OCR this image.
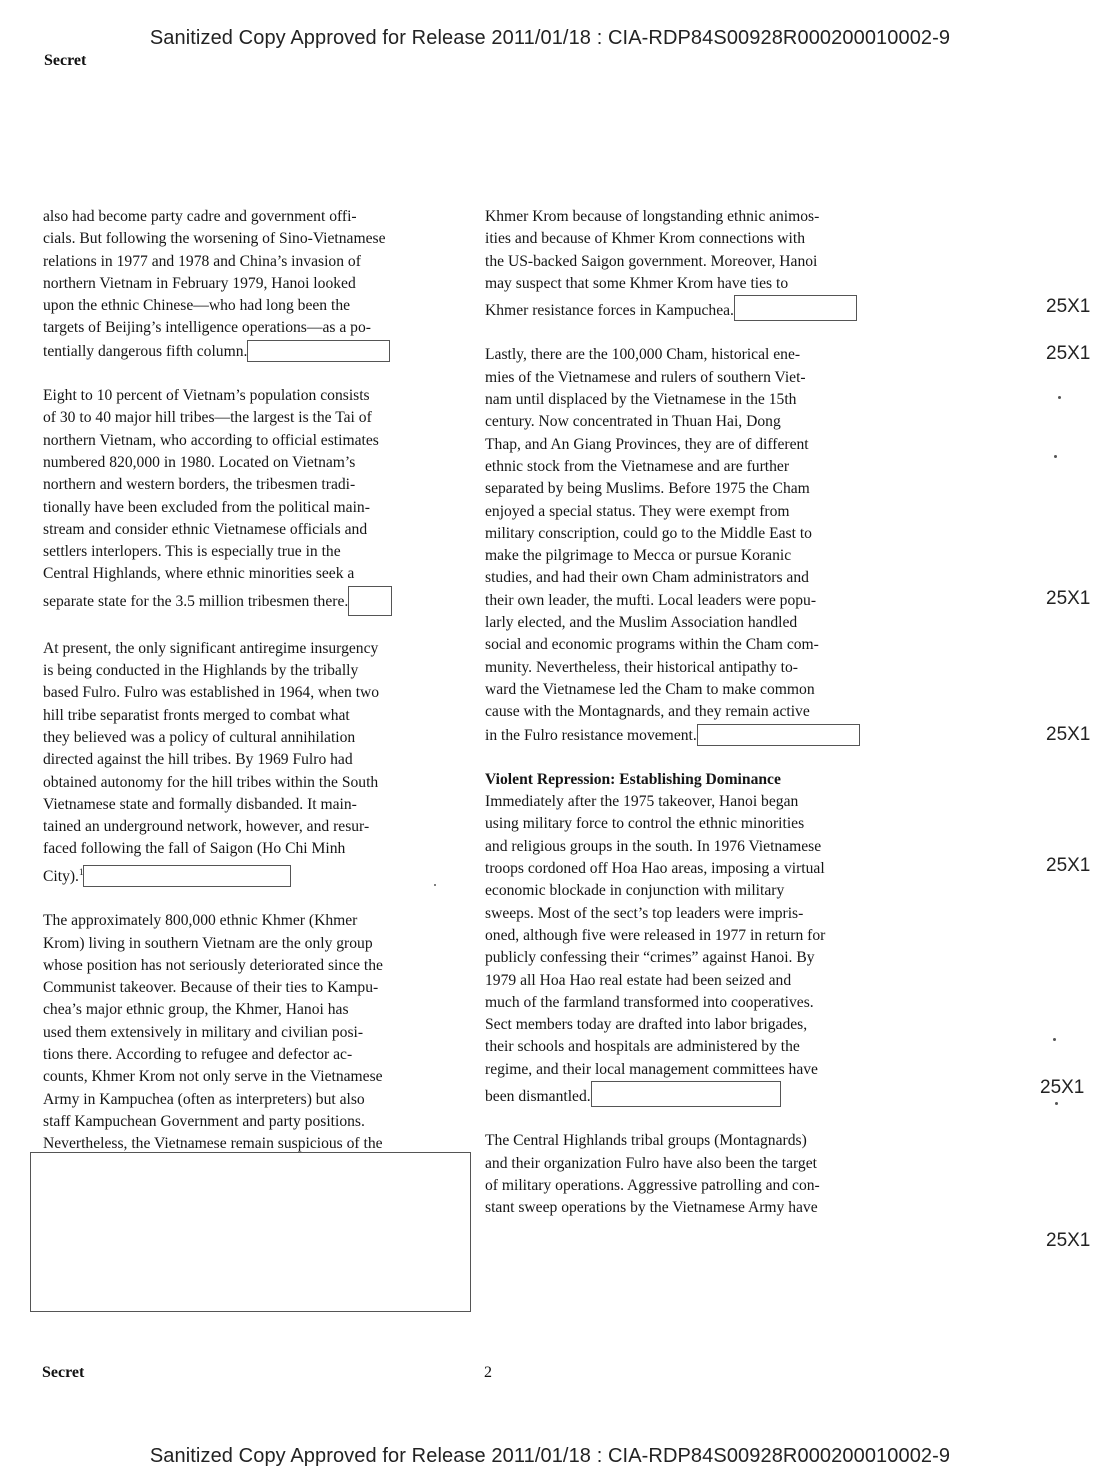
Sanitized Copy Approved for Release 2011/01/18 : CIA-RDP84S00928R000200010002-9
Secret

also had become party cadre and government offi-
cials. But following the worsening of Sino-Vietnamese
relations in 1977 and 1978 and China’s invasion of
northern Vietnam in February 1979, Hanoi looked
upon the ethnic Chinese—who had long been the
targets of Beijing’s intelligence operations—as a po-
tentially dangerous fifth column.

Eight to 10 percent of Vietnam’s population consists
of 30 to 40 major hill tribes—the largest is the Tai of
northern Vietnam, who according to official estimates
numbered 820,000 in 1980. Located on Vietnam’s
northern and western borders, the tribesmen tradi-
tionally have been excluded from the political main-
stream and consider ethnic Vietnamese officials and
settlers interlopers. This is especially true in the
Central Highlands, where ethnic minorities seek a
separate state for the 3.5 million tribesmen there.

At present, the only significant antiregime insurgency
is being conducted in the Highlands by the tribally
based Fulro. Fulro was established in 1964, when two
hill tribe separatist fronts merged to combat what
they believed was a policy of cultural annihilation
directed against the hill tribes. By 1969 Fulro had
obtained autonomy for the hill tribes within the South
Vietnamese state and formally disbanded. It main-
tained an underground network, however, and resur-
faced following the fall of Saigon (Ho Chi Minh
City).$^1$

The approximately 800,000 ethnic Khmer (Khmer
Krom) living in southern Vietnam are the only group
whose position has not seriously deteriorated since the
Communist takeover. Because of their ties to Kampu-
chea’s major ethnic group, the Khmer, Hanoi has
used them extensively in military and civilian posi-
tions there. According to refugee and defector ac-
counts, Khmer Krom not only serve in the Vietnamese
Army in Kampuchea (often as interpreters) but also
staff Kampuchean Government and party positions.
Nevertheless, the Vietnamese remain suspicious of the

Khmer Krom because of longstanding ethnic animos-
ities and because of Khmer Krom connections with
the US-backed Saigon government. Moreover, Hanoi
may suspect that some Khmer Krom have ties to
Khmer resistance forces in Kampuchea.

Lastly, there are the 100,000 Cham, historical ene-
mies of the Vietnamese and rulers of southern Viet-
nam until displaced by the Vietnamese in the 15th
century. Now concentrated in Thuan Hai, Dong
Thap, and An Giang Provinces, they are of different
ethnic stock from the Vietnamese and are further
separated by being Muslims. Before 1975 the Cham
enjoyed a special status. They were exempt from
military conscription, could go to the Middle East to
make the pilgrimage to Mecca or pursue Koranic
studies, and had their own Cham administrators and
their own leader, the mufti. Local leaders were popu-
larly elected, and the Muslim Association handled
social and economic programs within the Cham com-
munity. Nevertheless, their historical antipathy to-
ward the Vietnamese led the Cham to make common
cause with the Montagnards, and they remain active
in the Fulro resistance movement.

Violent Repression: Establishing Dominance
Immediately after the 1975 takeover, Hanoi began
using military force to control the ethnic minorities
and religious groups in the south. In 1976 Vietnamese
troops cordoned off Hoa Hao areas, imposing a virtual
economic blockade in conjunction with military
sweeps. Most of the sect’s top leaders were impris-
oned, although five were released in 1977 in return for
publicly confessing their “crimes” against Hanoi. By
1979 all Hoa Hao real estate had been seized and
much of the farmland transformed into cooperatives.
Sect members today are drafted into labor brigades,
their schools and hospitals are administered by the
regime, and their local management committees have
been dismantled.

The Central Highlands tribal groups (Montagnards)
and their organization Fulro have also been the target
of military operations. Aggressive patrolling and con-
stant sweep operations by the Vietnamese Army have

25X1
25X1
25X1
25X1
25X1
25X1
25X1
Secret	2
Sanitized Copy Approved for Release 2011/01/18 : CIA-RDP84S00928R000200010002-9
